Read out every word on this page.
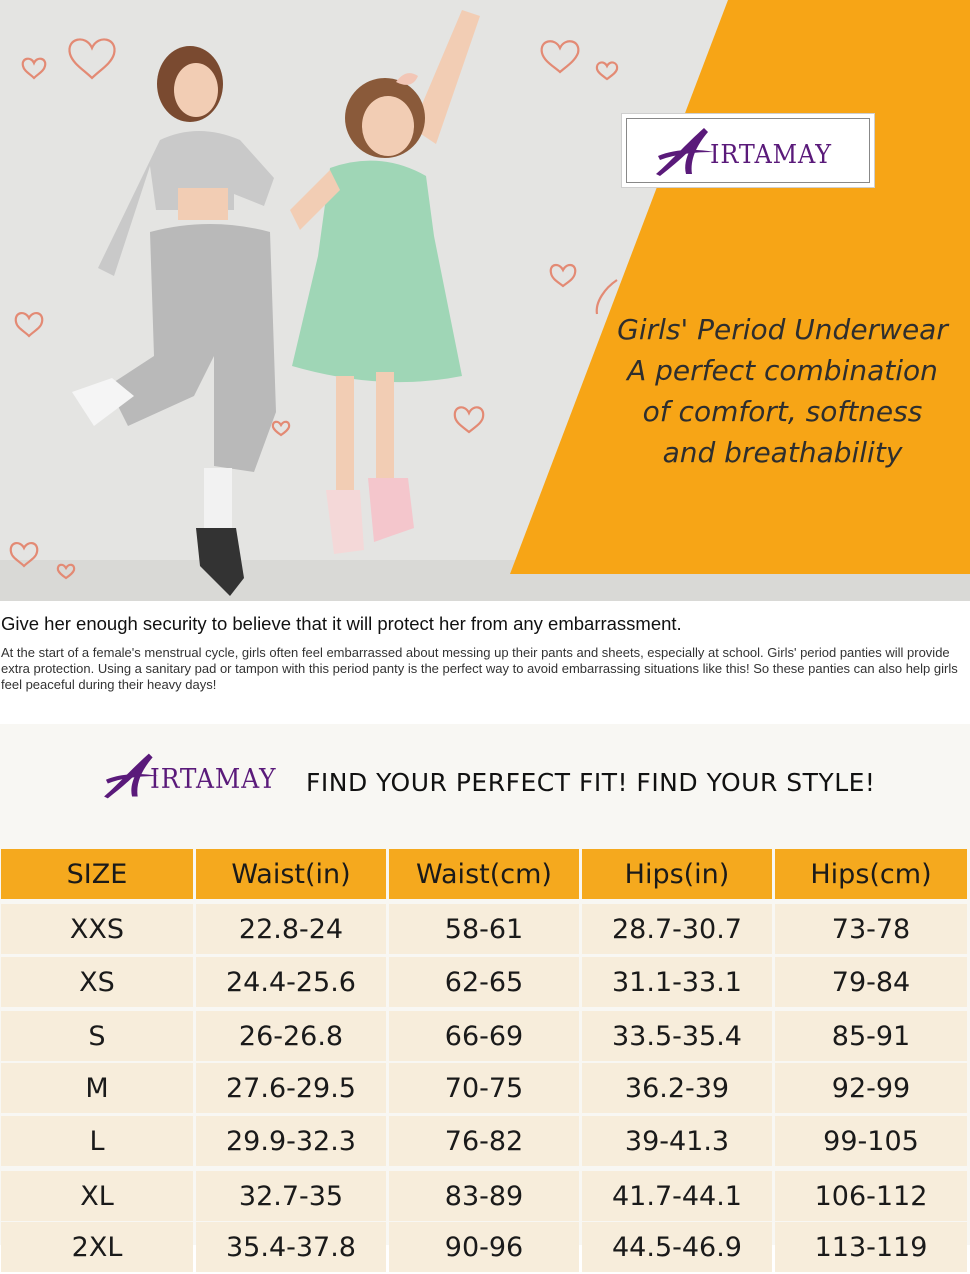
IRTAMAY
Girls' Period Underwear
A perfect combination
of comfort, softness
and breathability
Give her enough security to believe that it will protect her from any embarrassment.
At the start of a female's menstrual cycle, girls often feel embarrassed about messing up their pants and sheets, especially at school. Girls' period panties will provide extra protection. Using a sanitary pad or tampon with this period panty is the perfect way to avoid embarrassing situations like this! So these panties can also help girls feel peaceful during their heavy days!
IRTAMAY FIND YOUR PERFECT FIT! FIND YOUR STYLE!
SIZE	Waist(in)	Waist(cm)	Hips(in)	Hips(cm)
XXS	22.8-24	58-61	28.7-30.7	73-78
XS	24.4-25.6	62-65	31.1-33.1	79-84
S	26-26.8	66-69	33.5-35.4	85-91
M	27.6-29.5	70-75	36.2-39	92-99
L	29.9-32.3	76-82	39-41.3	99-105
XL	32.7-35	83-89	41.7-44.1	106-112
2XL	35.4-37.8	90-96	44.5-46.9	113-119
